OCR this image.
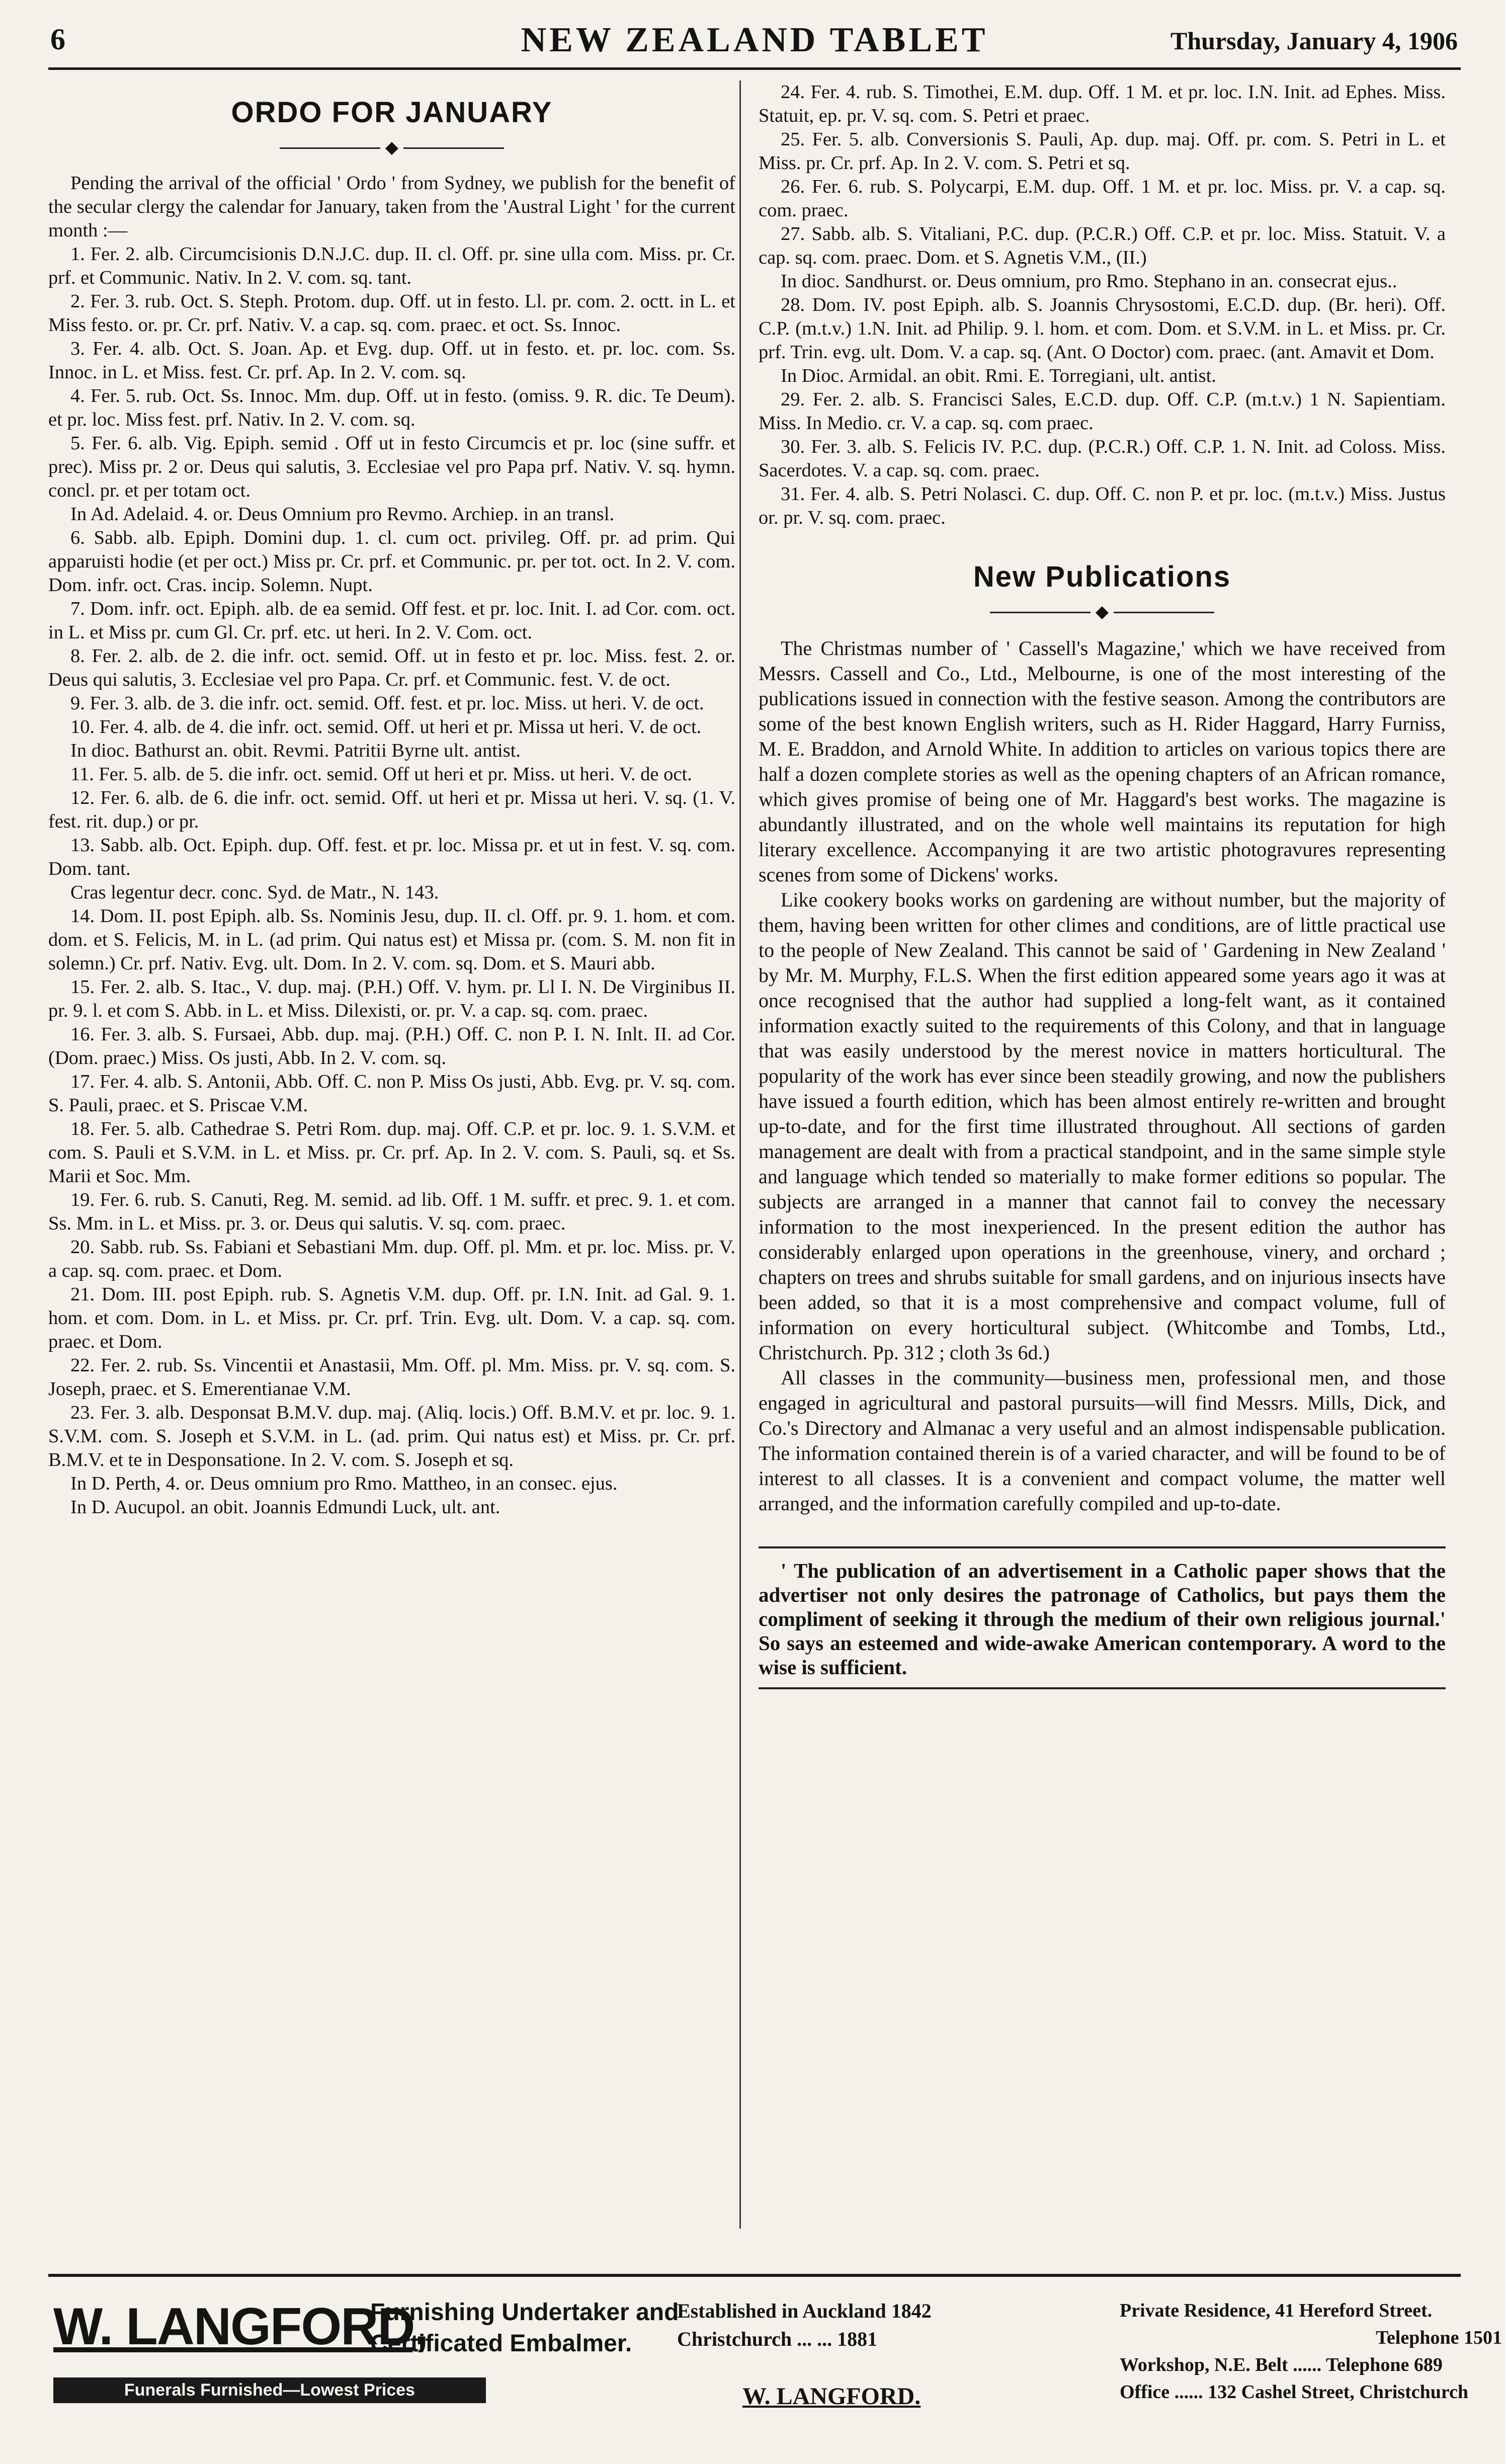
6	NEW ZEALAND TABLET	Thursday, January 4, 1906
ORDO FOR JANUARY
◆

Pending the arrival of the official ' Ordo ' from Sydney, we publish for the benefit of the secular clergy the calendar for January, taken from the 'Austral Light ' for the current month :—

1. Fer. 2. alb. Circumcisionis D.N.J.C. dup. II. cl. Off. pr. sine ulla com. Miss. pr. Cr. prf. et Communic. Nativ. In 2. V. com. sq. tant.

2. Fer. 3. rub. Oct. S. Steph. Protom. dup. Off. ut in festo. Ll. pr. com. 2. octt. in L. et Miss festo. or. pr. Cr. prf. Nativ. V. a cap. sq. com. praec. et oct. Ss. Innoc.

3. Fer. 4. alb. Oct. S. Joan. Ap. et Evg. dup. Off. ut in festo. et. pr. loc. com. Ss. Innoc. in L. et Miss. fest. Cr. prf. Ap. In 2. V. com. sq.

4. Fer. 5. rub. Oct. Ss. Innoc. Mm. dup. Off. ut in festo. (omiss. 9. R. dic. Te Deum). et pr. loc. Miss fest. prf. Nativ. In 2. V. com. sq.

5. Fer. 6. alb. Vig. Epiph. semid . Off ut in festo Circumcis et pr. loc (sine suffr. et prec). Miss pr. 2 or. Deus qui salutis, 3. Ecclesiae vel pro Papa prf. Nativ. V. sq. hymn. concl. pr. et per totam oct.

In Ad. Adelaid. 4. or. Deus Omnium pro Revmo. Archiep. in an transl.

6. Sabb. alb. Epiph. Domini dup. 1. cl. cum oct. privileg. Off. pr. ad prim. Qui apparuisti hodie (et per oct.) Miss pr. Cr. prf. et Communic. pr. per tot. oct. In 2. V. com. Dom. infr. oct. Cras. incip. Solemn. Nupt.

7. Dom. infr. oct. Epiph. alb. de ea semid. Off fest. et pr. loc. Init. I. ad Cor. com. oct. in L. et Miss pr. cum Gl. Cr. prf. etc. ut heri. In 2. V. Com. oct.

8. Fer. 2. alb. de 2. die infr. oct. semid. Off. ut in festo et pr. loc. Miss. fest. 2. or. Deus qui salutis, 3. Ecclesiae vel pro Papa. Cr. prf. et Communic. fest. V. de oct.

9. Fer. 3. alb. de 3. die infr. oct. semid. Off. fest. et pr. loc. Miss. ut heri. V. de oct.

10. Fer. 4. alb. de 4. die infr. oct. semid. Off. ut heri et pr. Missa ut heri. V. de oct.

In dioc. Bathurst an. obit. Revmi. Patritii Byrne ult. antist.

11. Fer. 5. alb. de 5. die infr. oct. semid. Off ut heri et pr. Miss. ut heri. V. de oct.

12. Fer. 6. alb. de 6. die infr. oct. semid. Off. ut heri et pr. Missa ut heri. V. sq. (1. V. fest. rit. dup.) or pr.

13. Sabb. alb. Oct. Epiph. dup. Off. fest. et pr. loc. Missa pr. et ut in fest. V. sq. com. Dom. tant.

Cras legentur decr. conc. Syd. de Matr., N. 143.

14. Dom. II. post Epiph. alb. Ss. Nominis Jesu, dup. II. cl. Off. pr. 9. 1. hom. et com. dom. et S. Felicis, M. in L. (ad prim. Qui natus est) et Missa pr. (com. S. M. non fit in solemn.) Cr. prf. Nativ. Evg. ult. Dom. In 2. V. com. sq. Dom. et S. Mauri abb.

15. Fer. 2. alb. S. Itac., V. dup. maj. (P.H.) Off. V. hym. pr. Ll I. N. De Virginibus II. pr. 9. l. et com S. Abb. in L. et Miss. Dilexisti, or. pr. V. a cap. sq. com. praec.

16. Fer. 3. alb. S. Fursaei, Abb. dup. maj. (P.H.) Off. C. non P. I. N. Inlt. II. ad Cor. (Dom. praec.) Miss. Os justi, Abb. In 2. V. com. sq.

17. Fer. 4. alb. S. Antonii, Abb. Off. C. non P. Miss Os justi, Abb. Evg. pr. V. sq. com. S. Pauli, praec. et S. Priscae V.M.

18. Fer. 5. alb. Cathedrae S. Petri Rom. dup. maj. Off. C.P. et pr. loc. 9. 1. S.V.M. et com. S. Pauli et S.V.M. in L. et Miss. pr. Cr. prf. Ap. In 2. V. com. S. Pauli, sq. et Ss. Marii et Soc. Mm.

19. Fer. 6. rub. S. Canuti, Reg. M. semid. ad lib. Off. 1 M. suffr. et prec. 9. 1. et com. Ss. Mm. in L. et Miss. pr. 3. or. Deus qui salutis. V. sq. com. praec.

20. Sabb. rub. Ss. Fabiani et Sebastiani Mm. dup. Off. pl. Mm. et pr. loc. Miss. pr. V. a cap. sq. com. praec. et Dom.

21. Dom. III. post Epiph. rub. S. Agnetis V.M. dup. Off. pr. I.N. Init. ad Gal. 9. 1. hom. et com. Dom. in L. et Miss. pr. Cr. prf. Trin. Evg. ult. Dom. V. a cap. sq. com. praec. et Dom.

22. Fer. 2. rub. Ss. Vincentii et Anastasii, Mm. Off. pl. Mm. Miss. pr. V. sq. com. S. Joseph, praec. et S. Emerentianae V.M.

23. Fer. 3. alb. Desponsat B.M.V. dup. maj. (Aliq. locis.) Off. B.M.V. et pr. loc. 9. 1. S.V.M. com. S. Joseph et S.V.M. in L. (ad. prim. Qui natus est) et Miss. pr. Cr. prf. B.M.V. et te in Desponsatione. In 2. V. com. S. Joseph et sq.

In D. Perth, 4. or. Deus omnium pro Rmo. Mattheo, in an consec. ejus.

In D. Aucupol. an obit. Joannis Edmundi Luck, ult. ant.

24. Fer. 4. rub. S. Timothei, E.M. dup. Off. 1 M. et pr. loc. I.N. Init. ad Ephes. Miss. Statuit, ep. pr. V. sq. com. S. Petri et praec.

25. Fer. 5. alb. Conversionis S. Pauli, Ap. dup. maj. Off. pr. com. S. Petri in L. et Miss. pr. Cr. prf. Ap. In 2. V. com. S. Petri et sq.

26. Fer. 6. rub. S. Polycarpi, E.M. dup. Off. 1 M. et pr. loc. Miss. pr. V. a cap. sq. com. praec.

27. Sabb. alb. S. Vitaliani, P.C. dup. (P.C.R.) Off. C.P. et pr. loc. Miss. Statuit. V. a cap. sq. com. praec. Dom. et S. Agnetis V.M., (II.)

In dioc. Sandhurst. or. Deus omnium, pro Rmo. Stephano in an. consecrat ejus..

28. Dom. IV. post Epiph. alb. S. Joannis Chrysostomi, E.C.D. dup. (Br. heri). Off. C.P. (m.t.v.) 1.N. Init. ad Philip. 9. l. hom. et com. Dom. et S.V.M. in L. et Miss. pr. Cr. prf. Trin. evg. ult. Dom. V. a cap. sq. (Ant. O Doctor) com. praec. (ant. Amavit et Dom.

In Dioc. Armidal. an obit. Rmi. E. Torregiani, ult. antist.

29. Fer. 2. alb. S. Francisci Sales, E.C.D. dup. Off. C.P. (m.t.v.) 1 N. Sapientiam. Miss. In Medio. cr. V. a cap. sq. com praec.

30. Fer. 3. alb. S. Felicis IV. P.C. dup. (P.C.R.) Off. C.P. 1. N. Init. ad Coloss. Miss. Sacerdotes. V. a cap. sq. com. praec.

31. Fer. 4. alb. S. Petri Nolasci. C. dup. Off. C. non P. et pr. loc. (m.t.v.) Miss. Justus or. pr. V. sq. com. praec.

New Publications
◆

The Christmas number of ' Cassell's Magazine,' which we have received from Messrs. Cassell and Co., Ltd., Melbourne, is one of the most interesting of the publications issued in connection with the festive season. Among the contributors are some of the best known English writers, such as H. Rider Haggard, Harry Furniss, M. E. Braddon, and Arnold White. In addition to articles on various topics there are half a dozen complete stories as well as the opening chapters of an African romance, which gives promise of being one of Mr. Haggard's best works. The magazine is abundantly illustrated, and on the whole well maintains its reputation for high literary excellence. Accompanying it are two artistic photogravures representing scenes from some of Dickens' works.

Like cookery books works on gardening are without number, but the majority of them, having been written for other climes and conditions, are of little practical use to the people of New Zealand. This cannot be said of ' Gardening in New Zealand ' by Mr. M. Murphy, F.L.S. When the first edition appeared some years ago it was at once recognised that the author had supplied a long-felt want, as it contained information exactly suited to the requirements of this Colony, and that in language that was easily understood by the merest novice in matters horticultural. The popularity of the work has ever since been steadily growing, and now the publishers have issued a fourth edition, which has been almost entirely re-written and brought up-to-date, and for the first time illustrated throughout. All sections of garden management are dealt with from a practical standpoint, and in the same simple style and language which tended so materially to make former editions so popular. The subjects are arranged in a manner that cannot fail to convey the necessary information to the most inexperienced. In the present edition the author has considerably enlarged upon operations in the greenhouse, vinery, and orchard ; chapters on trees and shrubs suitable for small gardens, and on injurious insects have been added, so that it is a most comprehensive and compact volume, full of information on every horticultural subject. (Whitcombe and Tombs, Ltd., Christchurch. Pp. 312 ; cloth 3s 6d.)

All classes in the community—business men, professional men, and those engaged in agricultural and pastoral pursuits—will find Messrs. Mills, Dick, and Co.'s Directory and Almanac a very useful and an almost indispensable publication. The information contained therein is of a varied character, and will be found to be of interest to all classes. It is a convenient and compact volume, the matter well arranged, and the information carefully compiled and up-to-date.

' The publication of an advertisement in a Catholic paper shows that the advertiser not only desires the patronage of Catholics, but pays them the compliment of seeking it through the medium of their own religious journal.' So says an esteemed and wide-awake American contemporary. A word to the wise is sufficient.

W. LANGFORD,
Furnishing Undertaker and
Certificated Embalmer.
Funerals Furnished—Lowest Prices
Established in Auckland 1842
Christchurch ... ... 1881
W. LANGFORD.
Private Residence, 41 Hereford Street.
Telephone 1501
Workshop, N.E. Belt ...... Telephone 689
Office ...... 132 Cashel Street, Christchurch
